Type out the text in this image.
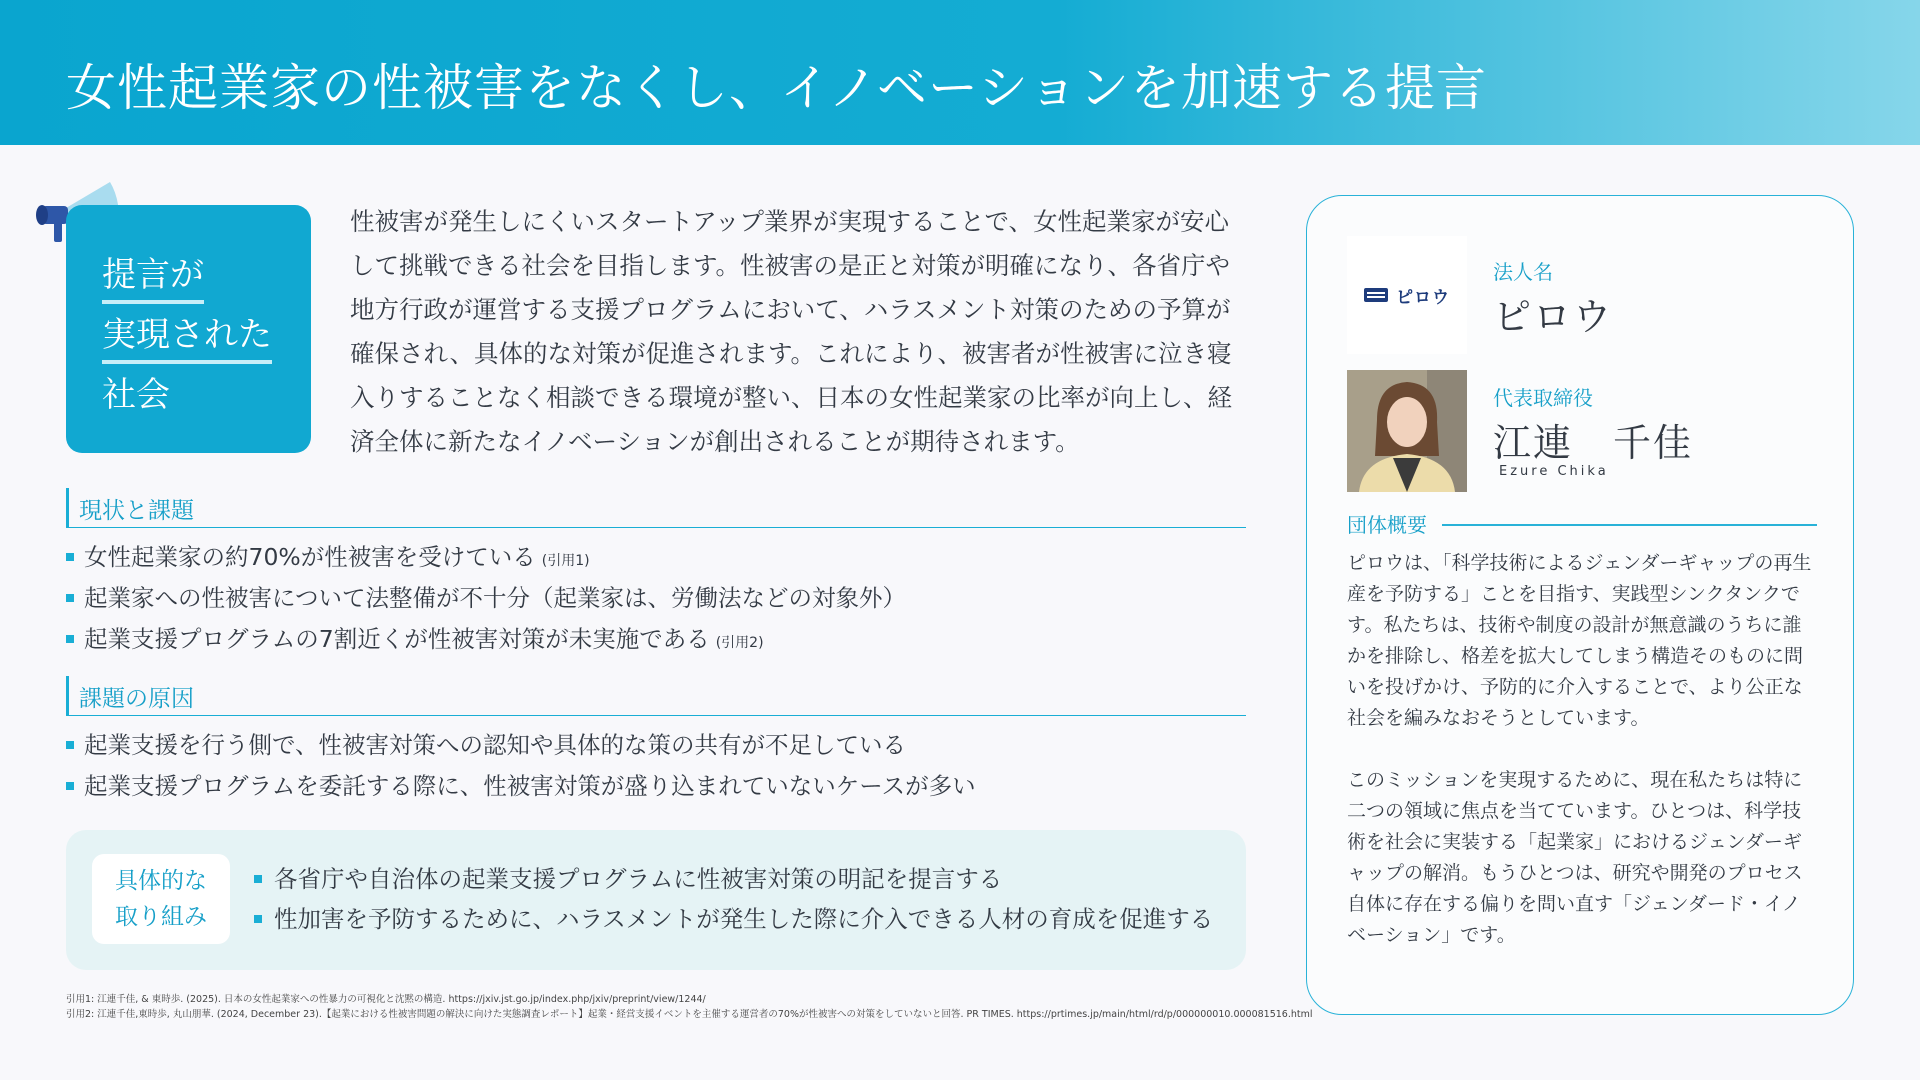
女性起業家の性被害をなくし、イノベーションを加速する提言
提言が
実現された
社会
性被害が発生しにくいスタートアップ業界が実現することで、女性起業家が安心して挑戦できる社会を目指します。性被害の是正と対策が明確になり、各省庁や地方行政が運営する支援プログラムにおいて、ハラスメント対策のための予算が確保され、具体的な対策が促進されます。これにより、被害者が性被害に泣き寝入りすることなく相談できる環境が整い、日本の女性起業家の比率が向上し、経済全体に新たなイノベーションが創出されることが期待されます。
現状と課題
女性起業家の約70%が性被害を受けている (引用1)
起業家への性被害について法整備が不十分（起業家は、労働法などの対象外）
起業支援プログラムの7割近くが性被害対策が未実施である (引用2)
課題の原因
起業支援を行う側で、性被害対策への認知や具体的な策の共有が不足している
起業支援プログラムを委託する際に、性被害対策が盛り込まれていないケースが多い
具体的な
取り組み
各省庁や自治体の起業支援プログラムに性被害対策の明記を提言する
性加害を予防するために、ハラスメントが発生した際に介入できる人材の育成を促進する
引用1: 江連千佳, & 東時歩. (2025). 日本の女性起業家への性暴力の可視化と沈黙の構造. https://jxiv.jst.go.jp/index.php/jxiv/preprint/view/1244/
引用2: 江連千佳,東時歩, 丸山朋華. (2024, December 23).【起業における性被害問題の解決に向けた実態調査レポート】起業・経営支援イベントを主催する運営者の70%が性被害への対策をしていないと回答. PR TIMES. https://prtimes.jp/main/html/rd/p/000000010.000081516.html
ピロウ
法人名
ピロウ
代表取締役
江連　千佳
Ezure Chika
団体概要

ピロウは、「科学技術によるジェンダーギャップの再生産を予防する」ことを目指す、実践型シンクタンクです。私たちは、技術や制度の設計が無意識のうちに誰かを排除し、格差を拡大してしまう構造そのものに問いを投げかけ、予防的に介入することで、より公正な社会を編みなおそうとしています。

このミッションを実現するために、現在私たちは特に二つの領域に焦点を当てています。ひとつは、科学技術を社会に実装する「起業家」におけるジェンダーギャップの解消。もうひとつは、研究や開発のプロセス自体に存在する偏りを問い直す「ジェンダード・イノベーション」です。
